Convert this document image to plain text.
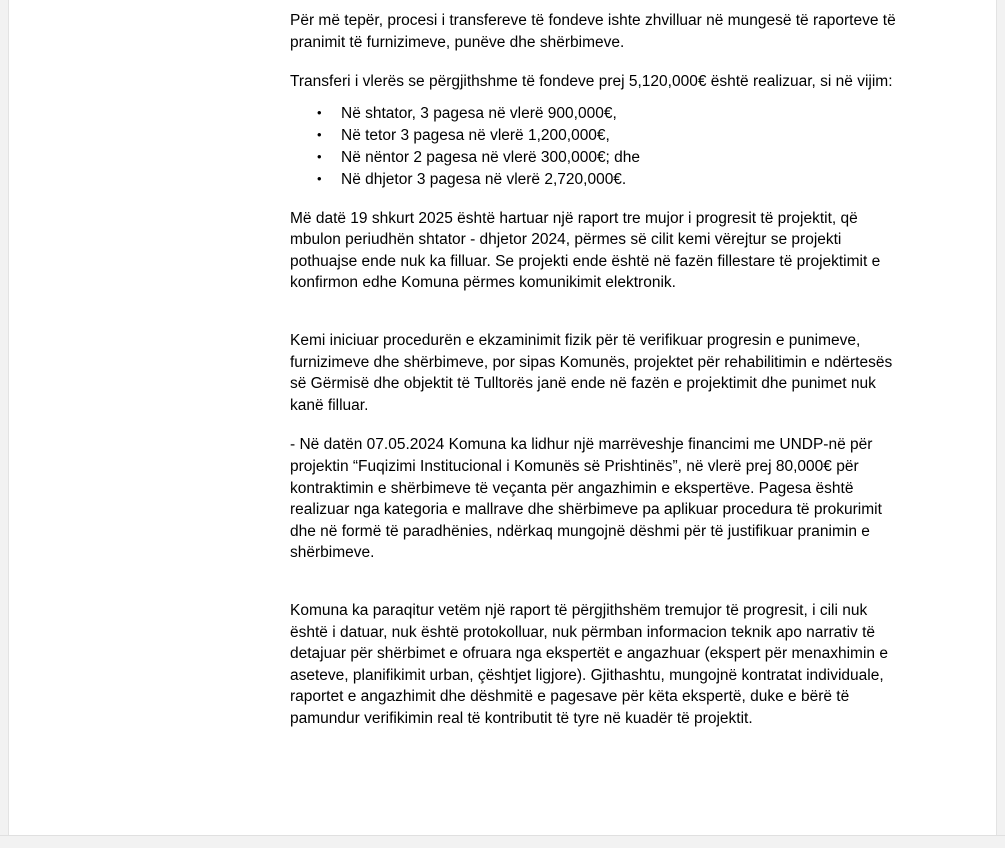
Për më tepër, procesi i transfereve të fondeve ishte zhvilluar në mungesë të raporteve të pranimit të furnizimeve, punëve dhe shërbimeve.

Transferi i vlerës se përgjithshme të fondeve prej 5,120,000€ është realizuar, si në vijim:

• Në shtator, 3 pagesa në vlerë 900,000€,
• Në tetor 3 pagesa në vlerë 1,200,000€,
• Në nëntor 2 pagesa në vlerë 300,000€; dhe
• Në dhjetor 3 pagesa në vlerë 2,720,000€.

Më datë 19 shkurt 2025 është hartuar një raport tre mujor i progresit të projektit, që mbulon periudhën shtator - dhjetor 2024, përmes së cilit kemi vërejtur se projekti pothuajse ende nuk ka filluar. Se projekti ende është në fazën fillestare të projektimit e konfirmon edhe Komuna përmes komunikimit elektronik.

Kemi iniciuar procedurën e ekzaminimit fizik për të verifikuar progresin e punimeve, furnizimeve dhe shërbimeve, por sipas Komunës, projektet për rehabilitimin e ndërtesës së Gërmisë dhe objektit të Tulltorës janë ende në fazën e projektimit dhe punimet nuk kanë filluar.

- Në datën 07.05.2024 Komuna ka lidhur një marrëveshje financimi me UNDP-në për projektin “Fuqizimi Institucional i Komunës së Prishtinës”, në vlerë prej 80,000€ për kontraktimin e shërbimeve të veçanta për angazhimin e ekspertëve. Pagesa është realizuar nga kategoria e mallrave dhe shërbimeve pa aplikuar procedura të prokurimit dhe në formë të paradhënies, ndërkaq mungojnë dëshmi për të justifikuar pranimin e shërbimeve.

Komuna ka paraqitur vetëm një raport të përgjithshëm tremujor të progresit, i cili nuk është i datuar, nuk është protokolluar, nuk përmban informacion teknik apo narrativ të detajuar për shërbimet e ofruara nga ekspertët e angazhuar (ekspert për menaxhimin e aseteve, planifikimit urban, çështjet ligjore). Gjithashtu, mungojnë kontratat individuale, raportet e angazhimit dhe dëshmitë e pagesave për këta ekspertë, duke e bërë të pamundur verifikimin real të kontributit të tyre në kuadër të projektit.
